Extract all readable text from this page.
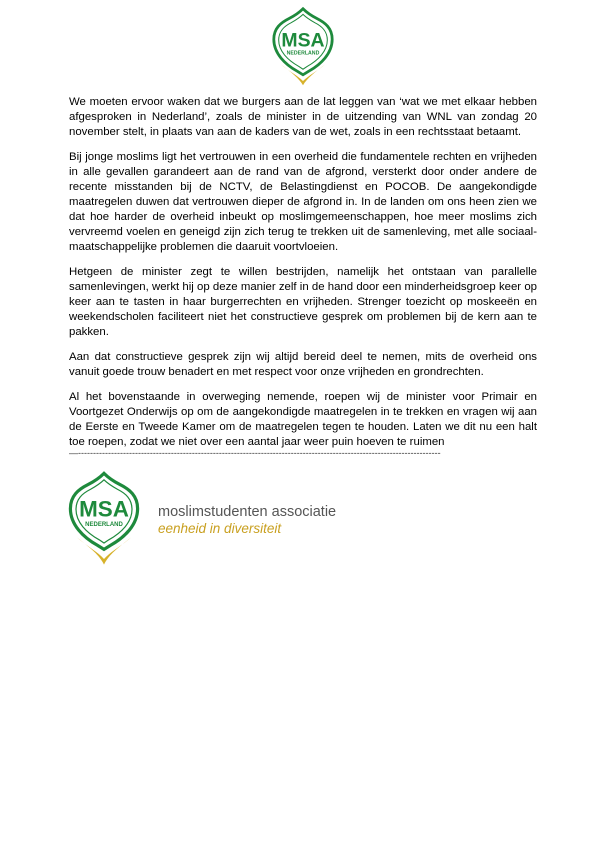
MSA
NEDERLAND

We moeten ervoor waken dat we burgers aan de lat leggen van ‘wat we met elkaar hebben afgesproken in Nederland’, zoals de minister in de uitzending van WNL van zondag 20 november stelt, in plaats van aan de kaders van de wet, zoals in een rechtsstaat betaamt.

Bij jonge moslims ligt het vertrouwen in een overheid die fundamentele rechten en vrijheden in alle gevallen garandeert aan de rand van de afgrond, versterkt door onder andere de recente misstanden bij de NCTV, de Belastingdienst en POCOB. De aangekondigde maatregelen duwen dat vertrouwen dieper de afgrond in. In de landen om ons heen zien we dat hoe harder de overheid inbeukt op moslimgemeenschappen, hoe meer moslims zich vervreemd voelen en geneigd zijn zich terug te trekken uit de samenleving, met alle sociaal-maatschappelijke problemen die daaruit voortvloeien.

Hetgeen de minister zegt te willen bestrijden, namelijk het ontstaan van parallelle samenlevingen, werkt hij op deze manier zelf in de hand door een minderheidsgroep keer op keer aan te tasten in haar burgerrechten en vrijheden. Strenger toezicht op moskeeën en weekendscholen faciliteert niet het constructieve gesprek om problemen bij de kern aan te pakken.

Aan dat constructieve gesprek zijn wij altijd bereid deel te nemen, mits de overheid ons vanuit goede trouw benadert en met respect voor onze vrijheden en grondrechten.

Al het bovenstaande in overweging nemende, roepen wij de minister voor Primair en Voortgezet Onderwijs op om de aangekondigde maatregelen in te trekken en vragen wij aan de Eerste en Tweede Kamer om de maatregelen tegen te houden. Laten we dit nu een halt toe roepen, zodat we niet over een aantal jaar weer puin hoeven te ruimen

—-------------------------------------------------------------------------------------------------------------------------
MSA
NEDERLAND
moslimstudenten associatie
eenheid in diversiteit
